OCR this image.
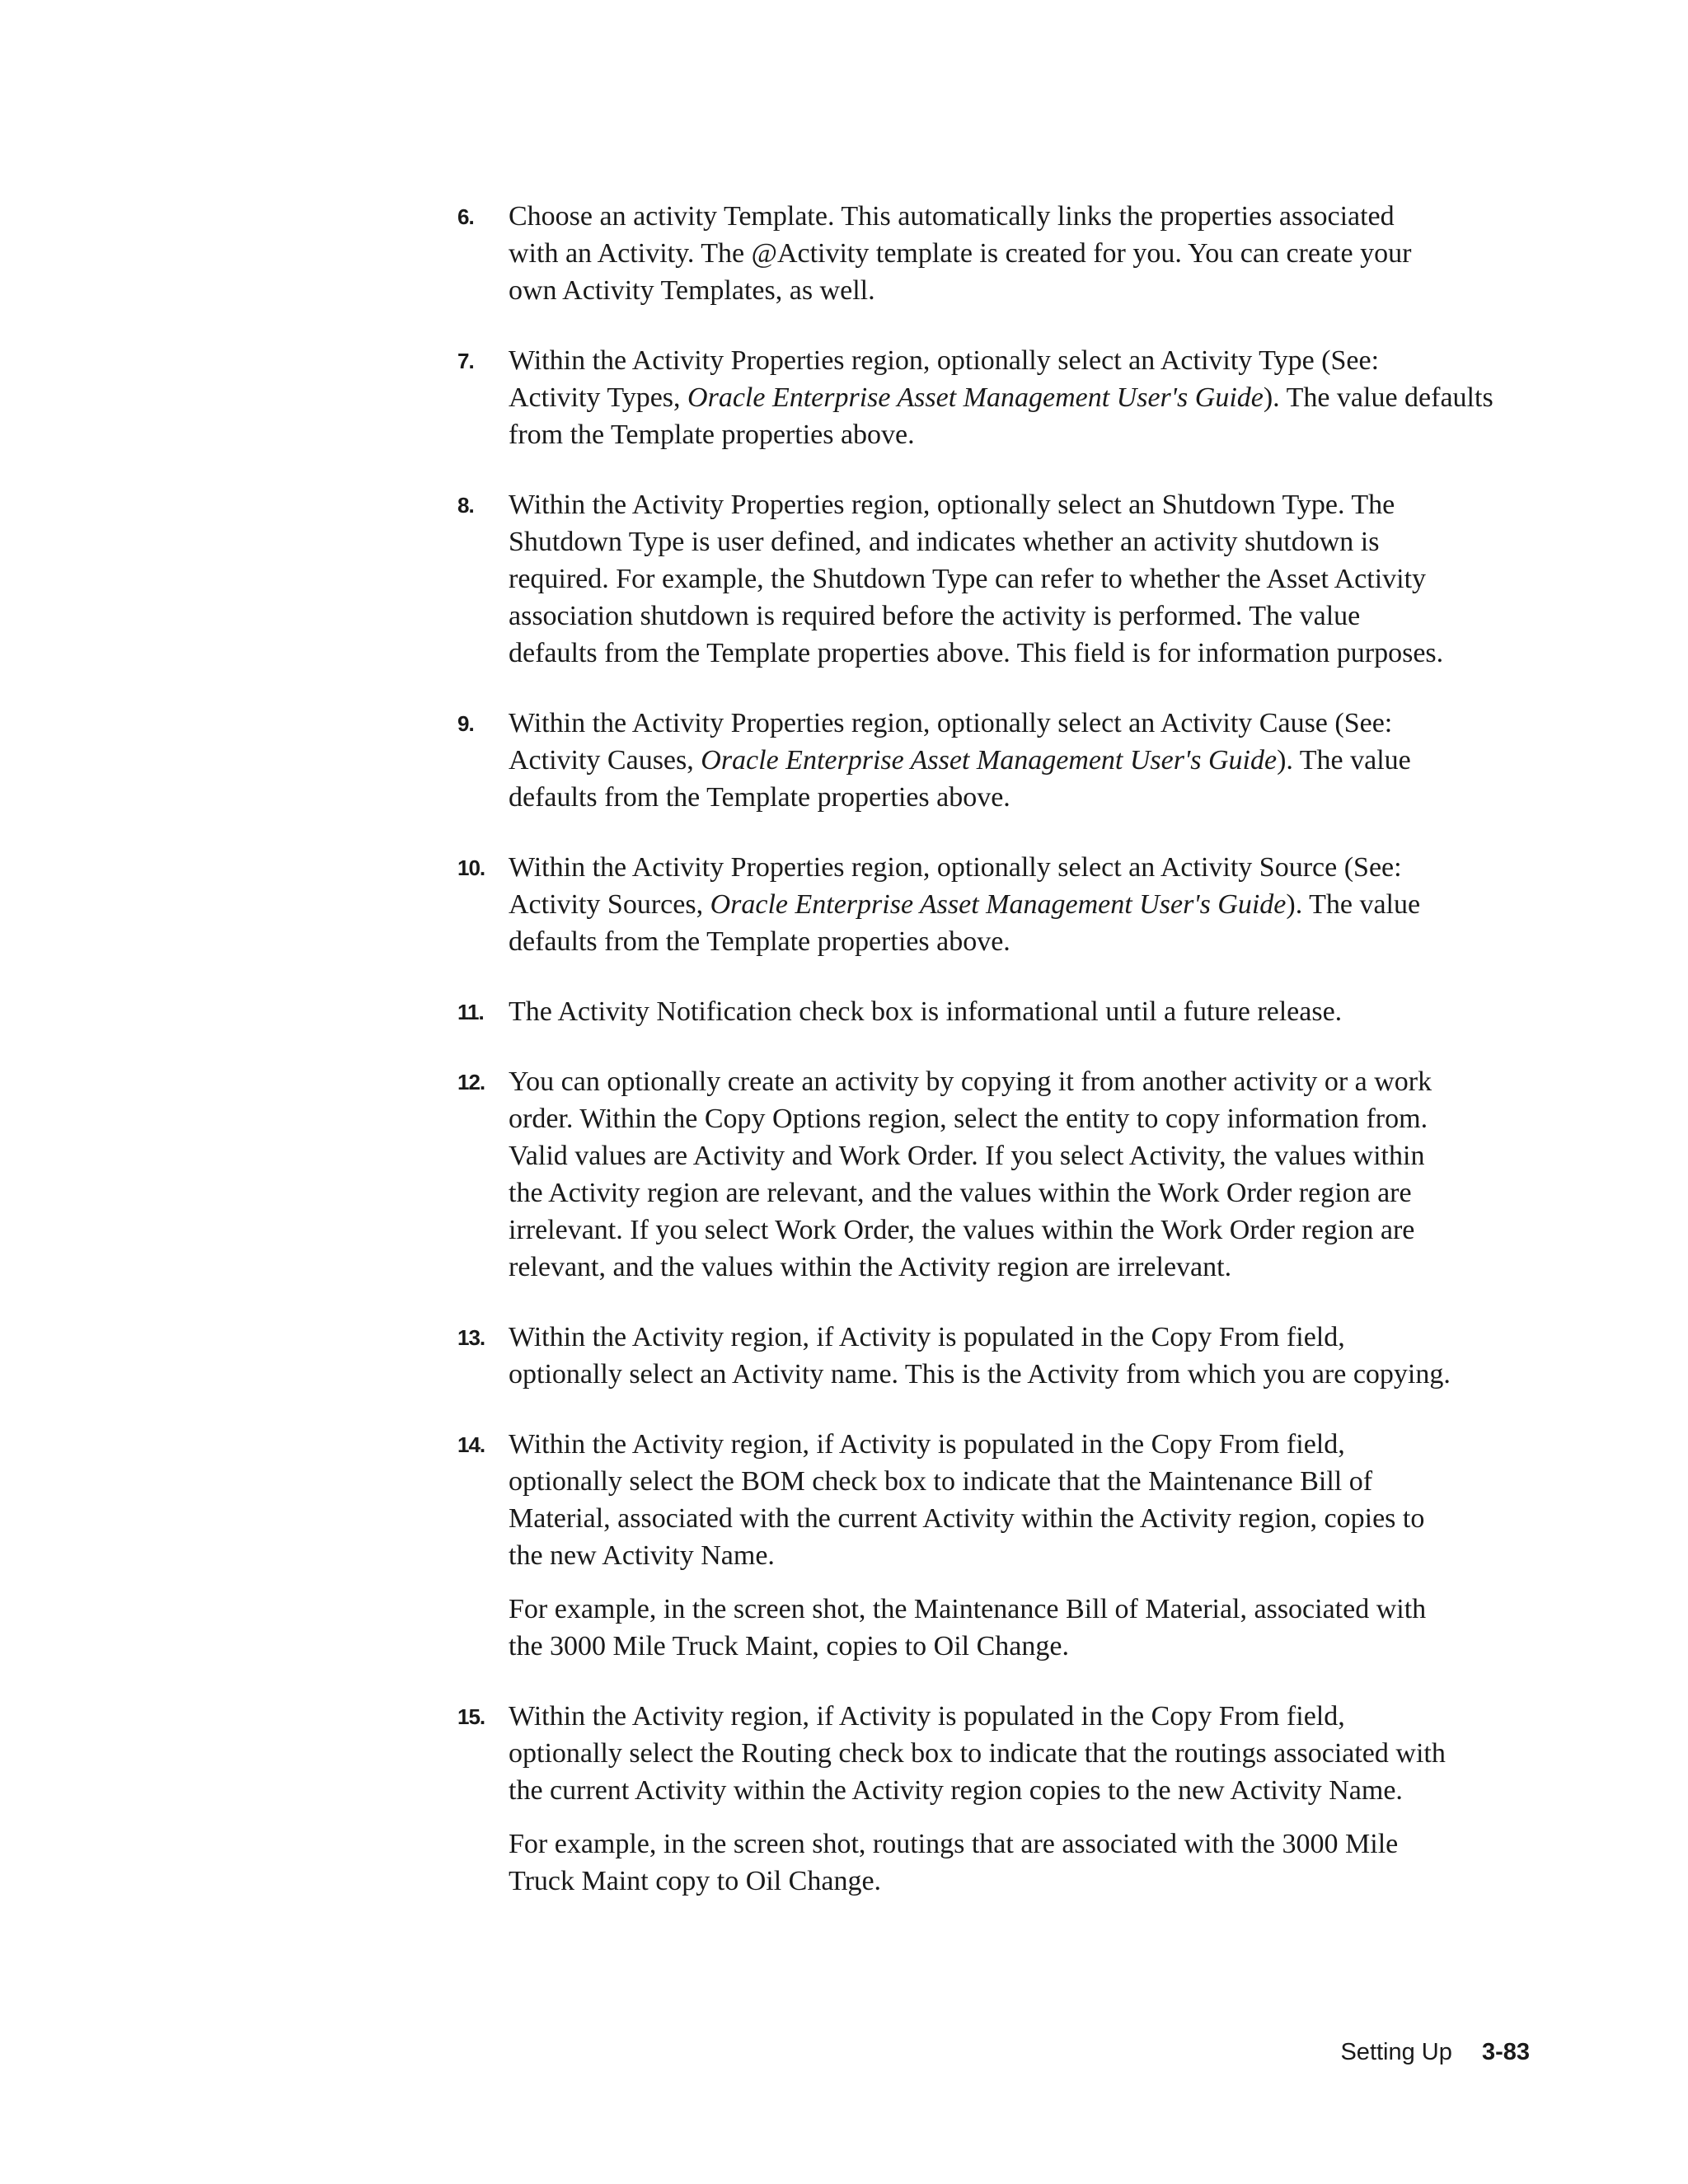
6. Choose an activity Template. This automatically links the properties associated
with an Activity. The @Activity template is created for you. You can create your
own Activity Templates, as well.

7. Within the Activity Properties region, optionally select an Activity Type (See:
Activity Types, Oracle Enterprise Asset Management User's Guide). The value defaults
from the Template properties above.

8. Within the Activity Properties region, optionally select an Shutdown Type. The
Shutdown Type is user defined, and indicates whether an activity shutdown is
required. For example, the Shutdown Type can refer to whether the Asset Activity
association shutdown is required before the activity is performed. The value
defaults from the Template properties above. This field is for information purposes.

9. Within the Activity Properties region, optionally select an Activity Cause (See:
Activity Causes, Oracle Enterprise Asset Management User's Guide). The value
defaults from the Template properties above.

10. Within the Activity Properties region, optionally select an Activity Source (See:
Activity Sources, Oracle Enterprise Asset Management User's Guide). The value
defaults from the Template properties above.

11. The Activity Notification check box is informational until a future release.

12. You can optionally create an activity by copying it from another activity or a work
order. Within the Copy Options region, select the entity to copy information from.
Valid values are Activity and Work Order. If you select Activity, the values within
the Activity region are relevant, and the values within the Work Order region are
irrelevant. If you select Work Order, the values within the Work Order region are
relevant, and the values within the Activity region are irrelevant.

13. Within the Activity region, if Activity is populated in the Copy From field,
optionally select an Activity name. This is the Activity from which you are copying.

14. Within the Activity region, if Activity is populated in the Copy From field,
optionally select the BOM check box to indicate that the Maintenance Bill of
Material, associated with the current Activity within the Activity region, copies to
the new Activity Name.

For example, in the screen shot, the Maintenance Bill of Material, associated with
the 3000 Mile Truck Maint, copies to Oil Change.

15. Within the Activity region, if Activity is populated in the Copy From field,
optionally select the Routing check box to indicate that the routings associated with
the current Activity within the Activity region copies to the new Activity Name.

For example, in the screen shot, routings that are associated with the 3000 Mile
Truck Maint copy to Oil Change.

Setting Up 3-83
